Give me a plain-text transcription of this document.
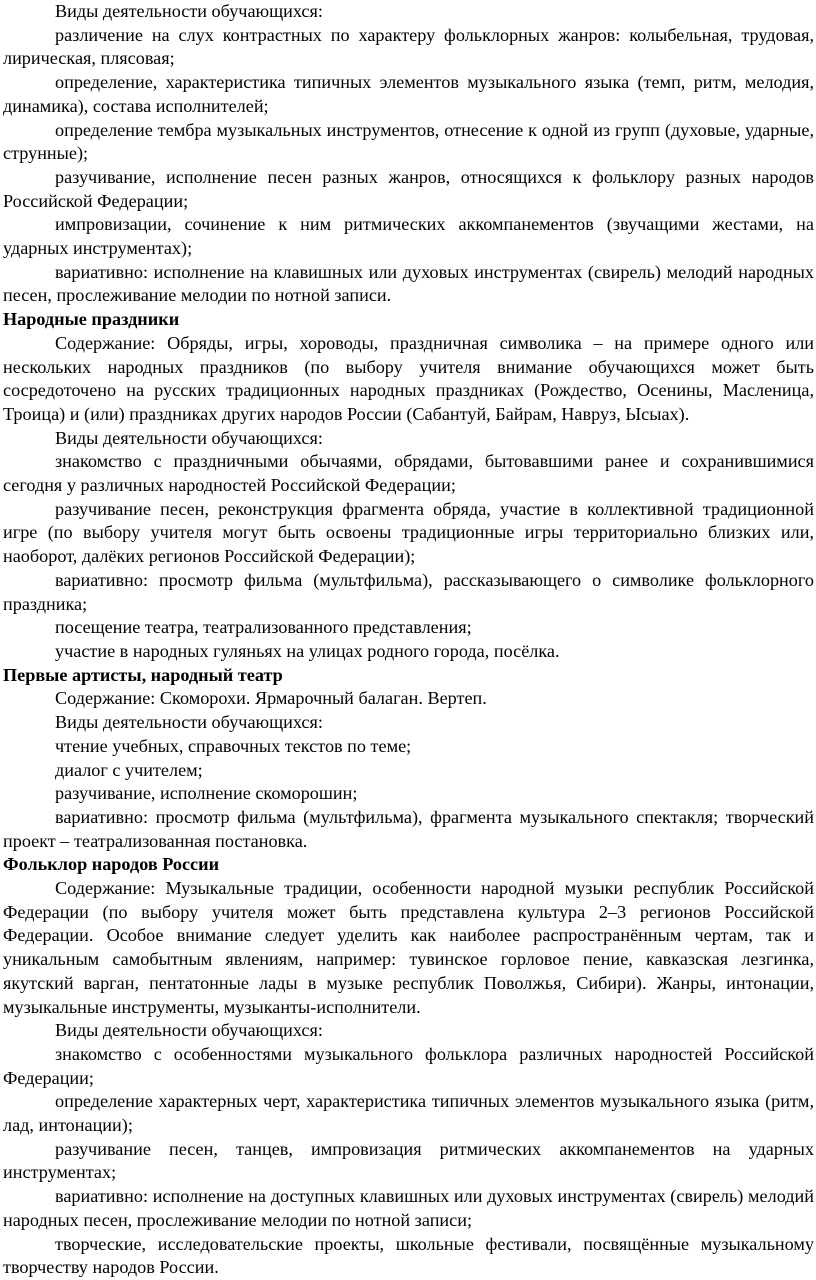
Виды деятельности обучающихся:

различение на слух контрастных по характеру фольклорных жанров: колыбельная, трудовая, лирическая, плясовая;

определение, характеристика типичных элементов музыкального языка (темп, ритм, мелодия, динамика), состава исполнителей;

определение тембра музыкальных инструментов, отнесение к одной из групп (духовые, ударные, струнные);

разучивание, исполнение песен разных жанров, относящихся к фольклору разных народов Российской Федерации;

импровизации, сочинение к ним ритмических аккомпанементов (звучащими жестами, на ударных инструментах);

вариативно: исполнение на клавишных или духовых инструментах (свирель) мелодий народных песен, прослеживание мелодии по нотной записи.

Народные праздники

Содержание: Обряды, игры, хороводы, праздничная символика – на примере одного или нескольких народных праздников (по выбору учителя внимание обучающихся может быть сосредоточено на русских традиционных народных праздниках (Рождество, Осенины, Масленица, Троица) и (или) праздниках других народов России (Сабантуй, Байрам, Навруз, Ысыах).

Виды деятельности обучающихся:

знакомство с праздничными обычаями, обрядами, бытовавшими ранее и сохранившимися сегодня у различных народностей Российской Федерации;

разучивание песен, реконструкция фрагмента обряда, участие в коллективной традиционной игре (по выбору учителя могут быть освоены традиционные игры территориально близких или, наоборот, далёких регионов Российской Федерации);

вариативно: просмотр фильма (мультфильма), рассказывающего о символике фольклорного праздника;

посещение театра, театрализованного представления;

участие в народных гуляньях на улицах родного города, посёлка.

Первые артисты, народный театр

Содержание: Скоморохи. Ярмарочный балаган. Вертеп.

Виды деятельности обучающихся:

чтение учебных, справочных текстов по теме;

диалог с учителем;

разучивание, исполнение скоморошин;

вариативно: просмотр фильма (мультфильма), фрагмента музыкального спектакля; творческий проект – театрализованная постановка.

Фольклор народов России

Содержание: Музыкальные традиции, особенности народной музыки республик Российской Федерации (по выбору учителя может быть представлена культура 2–3 регионов Российской Федерации. Особое внимание следует уделить как наиболее распространённым чертам, так и уникальным самобытным явлениям, например: тувинское горловое пение, кавказская лезгинка, якутский варган, пентатонные лады в музыке республик Поволжья, Сибири). Жанры, интонации, музыкальные инструменты, музыканты-исполнители.

Виды деятельности обучающихся:

знакомство с особенностями музыкального фольклора различных народностей Российской Федерации;

определение характерных черт, характеристика типичных элементов музыкального языка (ритм, лад, интонации);

разучивание песен, танцев, импровизация ритмических аккомпанементов на ударных инструментах;

вариативно: исполнение на доступных клавишных или духовых инструментах (свирель) мелодий народных песен, прослеживание мелодии по нотной записи;

творческие, исследовательские проекты, школьные фестивали, посвящённые музыкальному творчеству народов России.
